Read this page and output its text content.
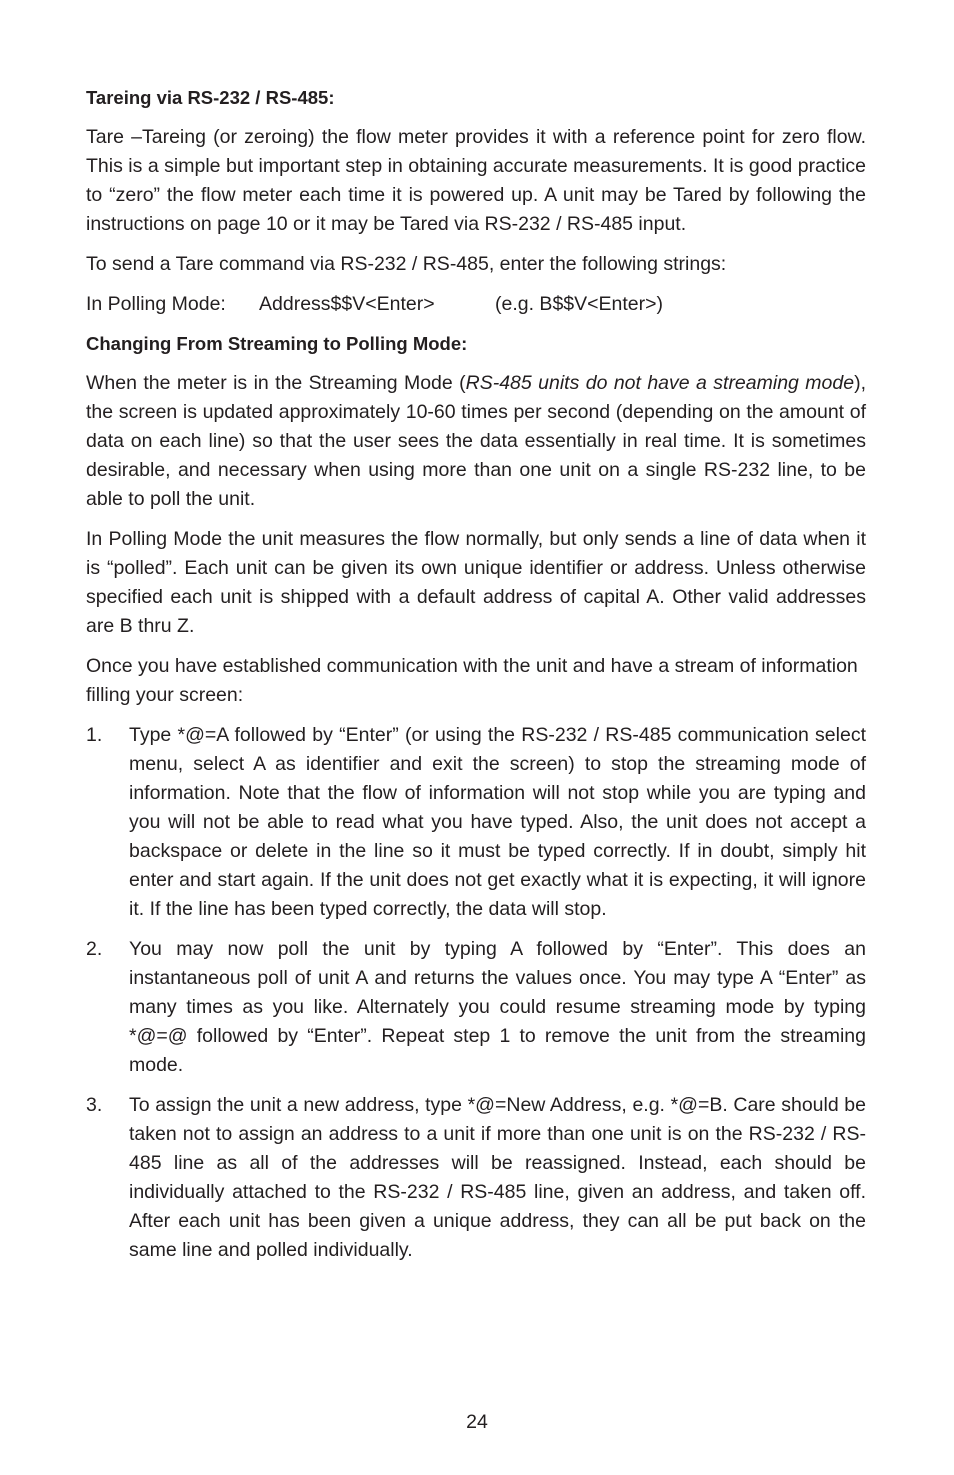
Tareing via RS-232 / RS-485:

Tare –Tareing (or zeroing) the flow meter provides it with a reference point for zero flow. This is a simple but important step in obtaining accurate measurements. It is good practice to “zero” the flow meter each time it is powered up. A unit may be Tared by following the instructions on page 10 or it may be Tared via RS-232 / RS-485 input.

To send a Tare command via RS-232 / RS-485, enter the following strings:

In Polling Mode: Address$$V<Enter>	(e.g. B$$V<Enter>)
Changing From Streaming to Polling Mode:

When the meter is in the Streaming Mode (RS-485 units do not have a streaming mode), the screen is updated approximately 10-60 times per second (depending on the amount of data on each line) so that the user sees the data essentially in real time. It is sometimes desirable, and necessary when using more than one unit on a single RS-232 line, to be able to poll the unit.

In Polling Mode the unit measures the flow normally, but only sends a line of data when it is “polled”. Each unit can be given its own unique identifier or address. Unless otherwise specified each unit is shipped with a default address of capital A. Other valid addresses are B thru Z.

Once you have established communication with the unit and have a stream of information filling your screen:

1. Type *@=A followed by “Enter” (or using the RS-232 / RS-485 communication select menu, select A as identifier and exit the screen) to stop the streaming mode of information. Note that the flow of information will not stop while you are typing and you will not be able to read what you have typed. Also, the unit does not accept a backspace or delete in the line so it must be typed correctly. If in doubt, simply hit enter and start again. If the unit does not get exactly what it is expecting, it will ignore it. If the line has been typed correctly, the data will stop.
2. You may now poll the unit by typing A followed by “Enter”. This does an instantaneous poll of unit A and returns the values once. You may type A “Enter” as many times as you like. Alternately you could resume streaming mode by typing *@=@ followed by “Enter”. Repeat step 1 to remove the unit from the streaming mode.
3. To assign the unit a new address, type *@=New Address, e.g. *@=B. Care should be taken not to assign an address to a unit if more than one unit is on the RS-232 / RS-485 line as all of the addresses will be reassigned. Instead, each should be individually attached to the RS-232 / RS-485 line, given an address, and taken off. After each unit has been given a unique address, they can all be put back on the same line and polled individually.
24
